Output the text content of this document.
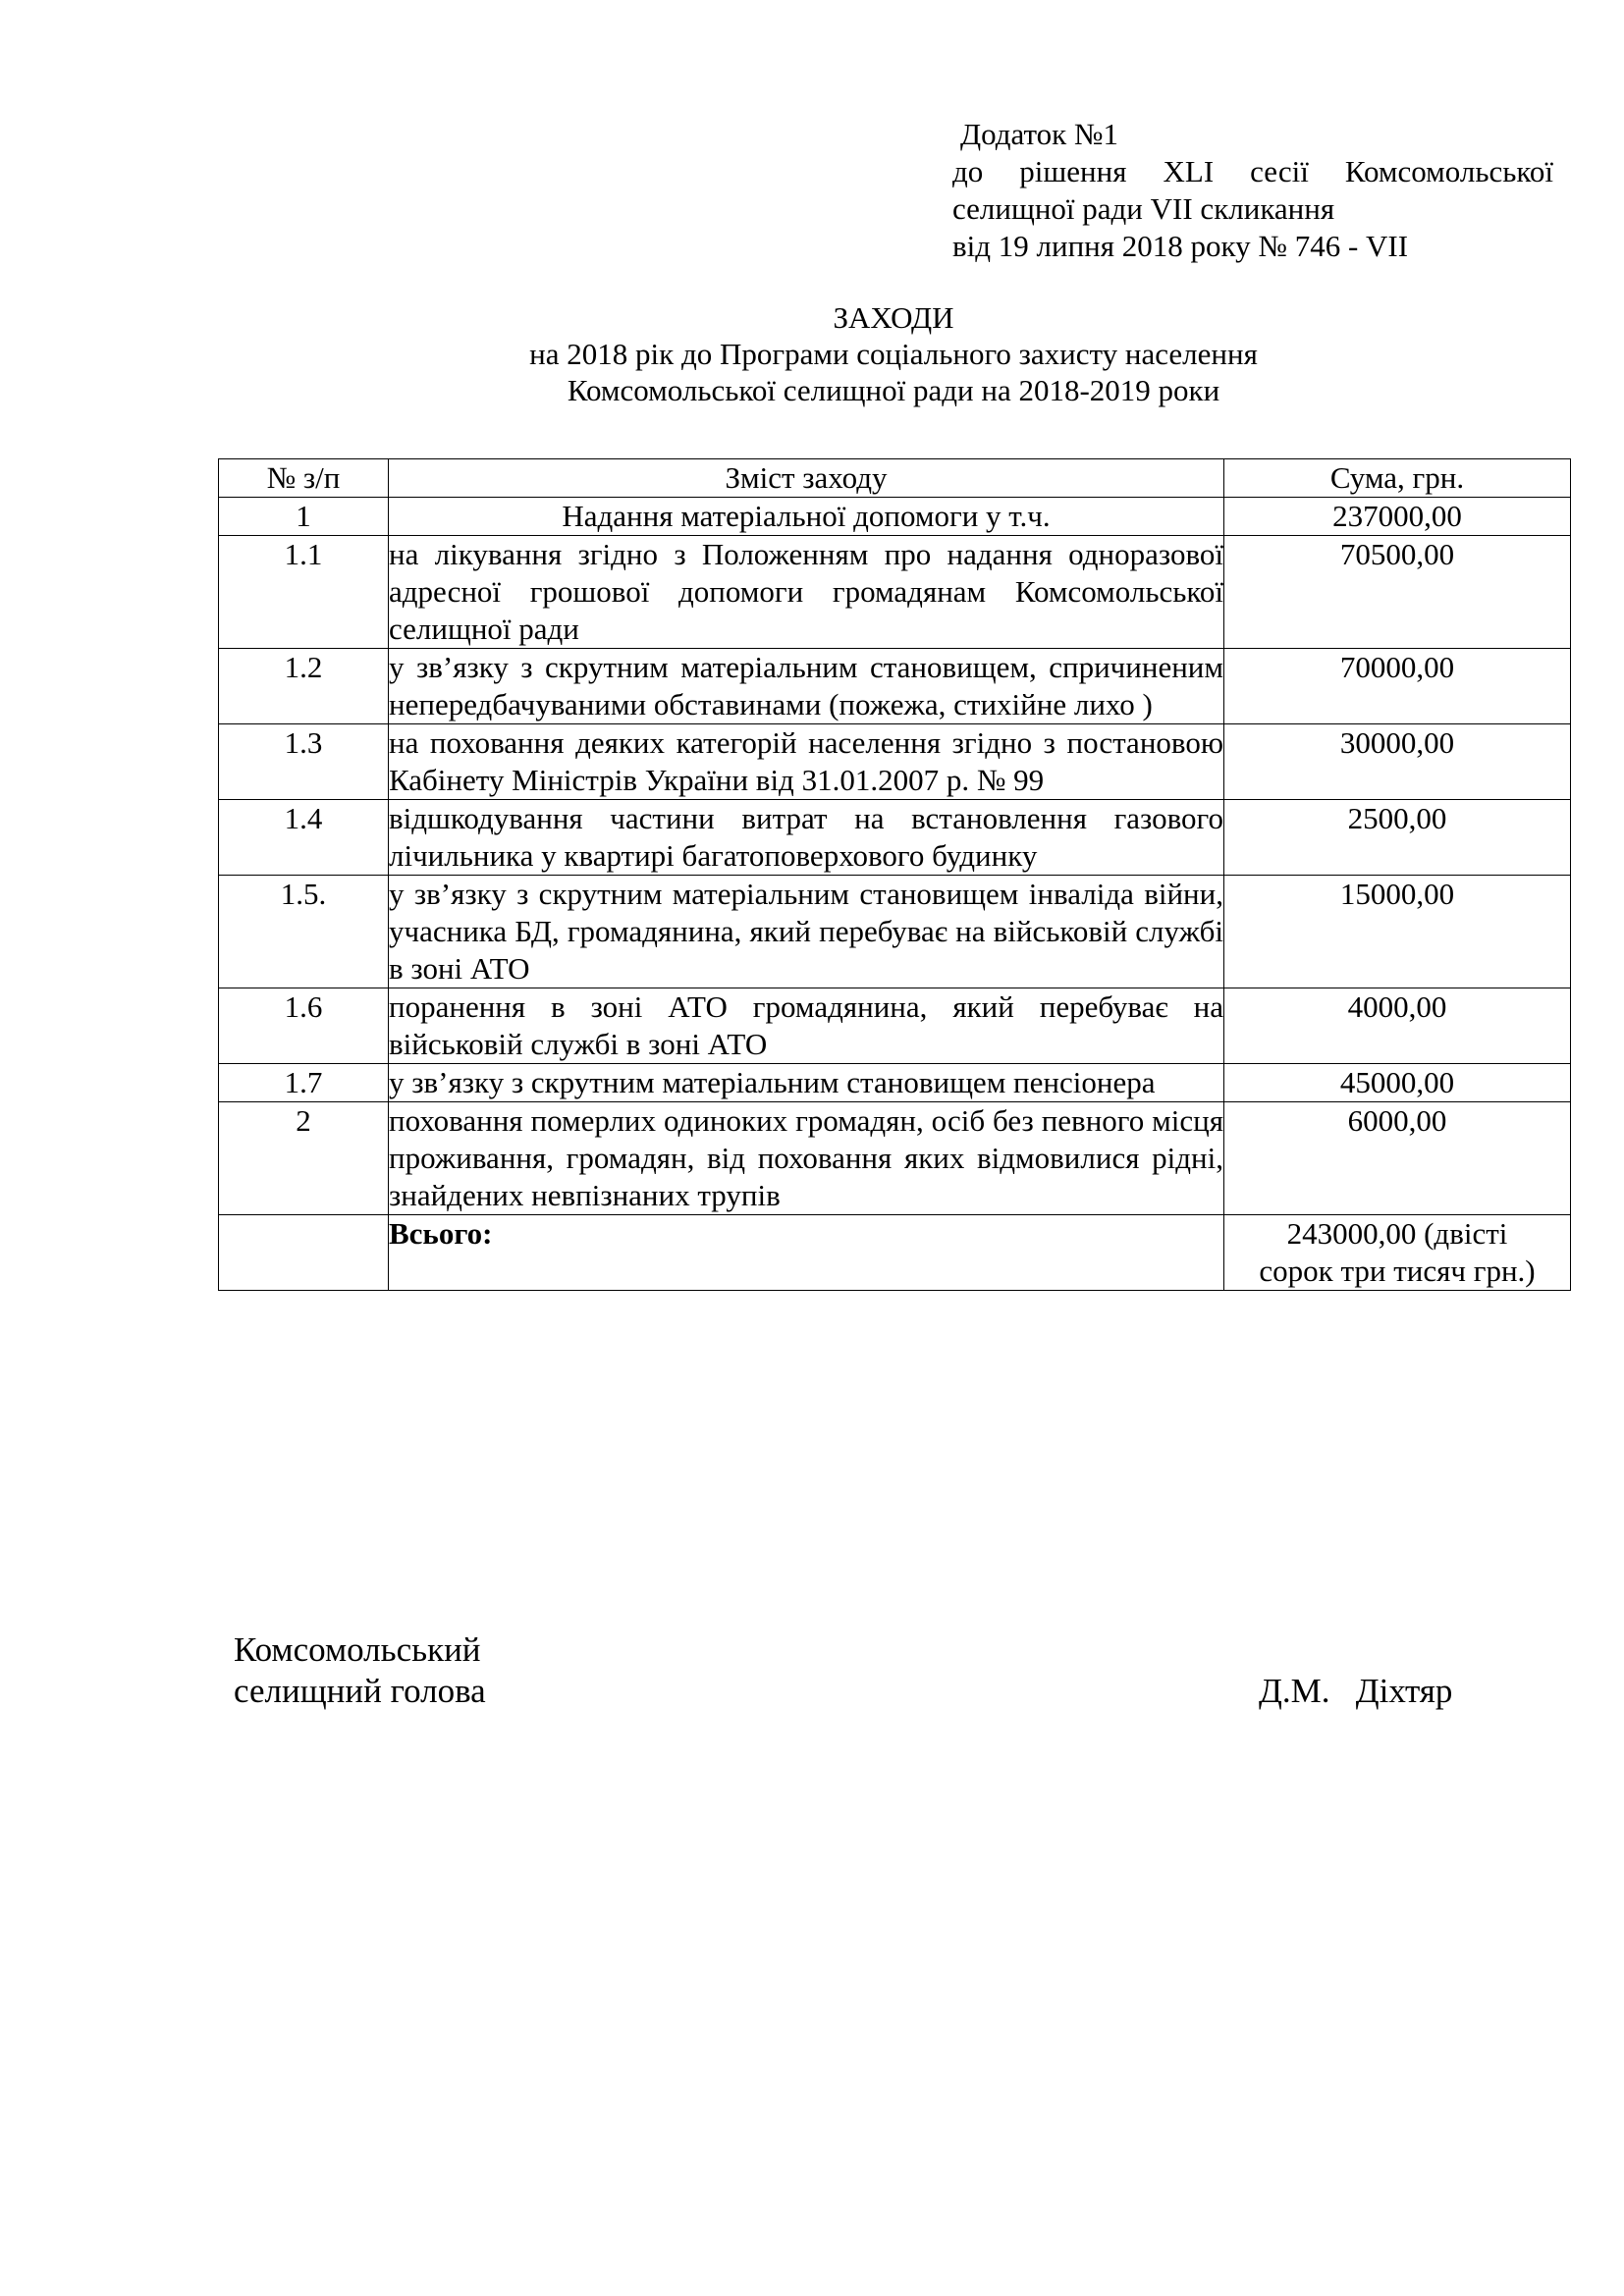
Додаток №1
до рішення XLI сесії Комсомольської
селищної ради VII скликання
від 19 липня 2018 року № 746 - VII
ЗАХОДИ
на 2018 рік до Програми соціального захисту населення
Комсомольської селищної ради на 2018-2019 роки
№ з/п	Зміст заходу	Сума, грн.
1	Надання матеріальної допомоги у т.ч.	237000,00
1.1	на лікування згідно з Положенням про надання одноразової адресної грошової допомоги громадянам Комсомольської селищної ради	70500,00
1.2	у зв’язку з скрутним матеріальним становищем, спричиненим непередбачуваними обставинами (пожежа, стихійне лихо )	70000,00
1.3	на поховання деяких категорій населення згідно з постановою Кабінету Міністрів України від 31.01.2007 р. № 99	30000,00
1.4	відшкодування частини витрат на встановлення газового лічильника у квартирі багатоповерхового будинку	2500,00
1.5.	у зв’язку з скрутним матеріальним становищем інваліда війни, учасника БД, громадянина, який перебуває на військовій службі в зоні АТО	15000,00
1.6	поранення в зоні АТО громадянина, який перебуває на військовій службі в зоні АТО	4000,00
1.7	у зв’язку з скрутним матеріальним становищем пенсіонера	45000,00
2	поховання померлих одиноких громадян, осіб без певного місця проживання, громадян, від поховання яких відмовилися рідні, знайдених невпізнаних трупів	6000,00
	Всього:	243000,00 (двісті
сорок три тисяч грн.)
Комсомольський
селищний голова	Д.М.   Діхтяр
